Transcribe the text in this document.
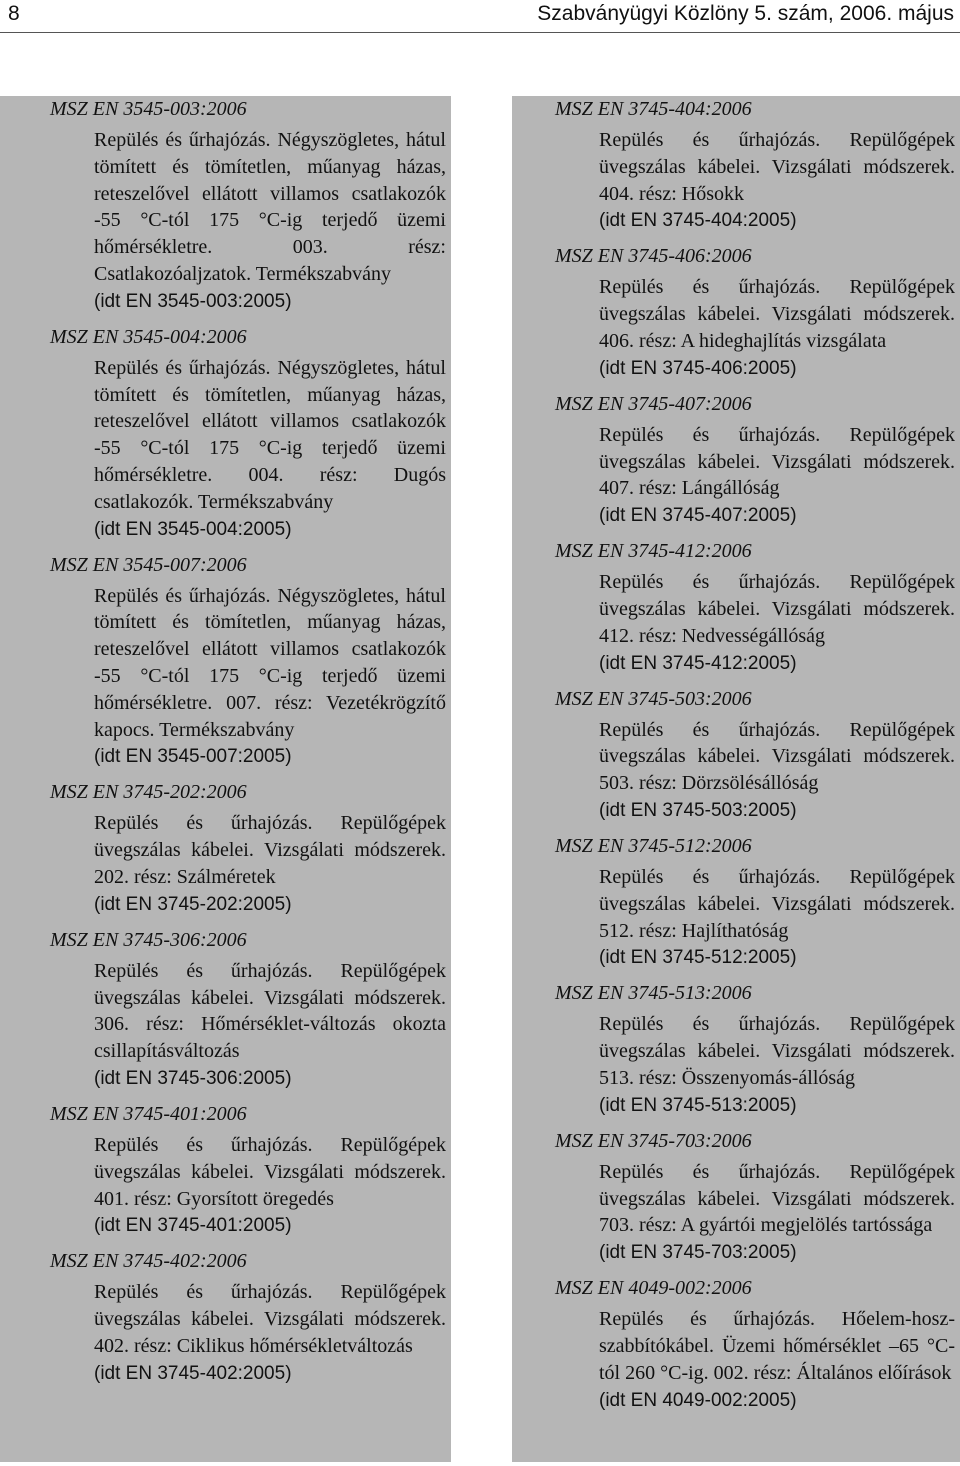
8	Szabványügyi Közlöny 5. szám, 2006. május

MSZ EN 3545-003:2006

Repülés és űrhajózás. Négyszögletes, hátul tömített és tömítetlen, műanyag házas, reteszelővel ellátott villamos csatlakozók -55 °C-tól 175 °C-ig terjedő üzemi hőmérsékletre. 003. rész: Csatlakozóaljzatok. Termékszabvány

(idt EN 3545-003:2005)

MSZ EN 3545-004:2006

Repülés és űrhajózás. Négyszögletes, hátul tömített és tömítetlen, műanyag házas, reteszelővel ellátott villamos csatlakozók -55 °C-tól 175 °C-ig terjedő üzemi hőmérsékletre. 004. rész: Dugós csatlakozók. Termékszabvány

(idt EN 3545-004:2005)

MSZ EN 3545-007:2006

Repülés és űrhajózás. Négyszögletes, hátul tömített és tömítetlen, műanyag házas, reteszelővel ellátott villamos csatlakozók -55 °C-tól 175 °C-ig terjedő üzemi hőmérsékletre. 007. rész: Vezetékrögzítő kapocs. Termékszabvány

(idt EN 3545-007:2005)

MSZ EN 3745-202:2006

Repülés és űrhajózás. Repülőgépek üvegszálas kábelei. Vizsgálati módszerek. 202. rész: Szálméretek

(idt EN 3745-202:2005)

MSZ EN 3745-306:2006

Repülés és űrhajózás. Repülőgépek üvegszálas kábelei. Vizsgálati módszerek. 306. rész: Hőmérséklet-változás okozta csillapításváltozás

(idt EN 3745-306:2005)

MSZ EN 3745-401:2006

Repülés és űrhajózás. Repülőgépek üvegszálas kábelei. Vizsgálati módszerek. 401. rész: Gyorsított öregedés

(idt EN 3745-401:2005)

MSZ EN 3745-402:2006

Repülés és űrhajózás. Repülőgépek üvegszálas kábelei. Vizsgálati módszerek. 402. rész: Ciklikus hőmérsékletváltozás

(idt EN 3745-402:2005)

MSZ EN 3745-404:2006

Repülés és űrhajózás. Repülőgépek üvegszálas kábelei. Vizsgálati módszerek. 404. rész: Hősokk

(idt EN 3745-404:2005)

MSZ EN 3745-406:2006

Repülés és űrhajózás. Repülőgépek üvegszálas kábelei. Vizsgálati módszerek. 406. rész: A hideghajlítás vizsgálata

(idt EN 3745-406:2005)

MSZ EN 3745-407:2006

Repülés és űrhajózás. Repülőgépek üvegszálas kábelei. Vizsgálati módszerek. 407. rész: Lángállóság

(idt EN 3745-407:2005)

MSZ EN 3745-412:2006

Repülés és űrhajózás. Repülőgépek üvegszálas kábelei. Vizsgálati módszerek. 412. rész: Nedvességállóság

(idt EN 3745-412:2005)

MSZ EN 3745-503:2006

Repülés és űrhajózás. Repülőgépek üvegszálas kábelei. Vizsgálati módszerek. 503. rész: Dörzsölésállóság

(idt EN 3745-503:2005)

MSZ EN 3745-512:2006

Repülés és űrhajózás. Repülőgépek üvegszálas kábelei. Vizsgálati módszerek. 512. rész: Hajlíthatóság

(idt EN 3745-512:2005)

MSZ EN 3745-513:2006

Repülés és űrhajózás. Repülőgépek üvegszálas kábelei. Vizsgálati módszerek. 513. rész: Összenyomás-állóság

(idt EN 3745-513:2005)

MSZ EN 3745-703:2006

Repülés és űrhajózás. Repülőgépek üvegszálas kábelei. Vizsgálati módszerek. 703. rész: A gyártói megjelölés tartóssága

(idt EN 3745-703:2005)

MSZ EN 4049-002:2006

Repülés és űrhajózás. Hőelem-hoszszabbítókábel. Üzemi hőmérséklet –65 °C-tól 260 °C-ig. 002. rész: Általános előírások

(idt EN 4049-002:2005)
